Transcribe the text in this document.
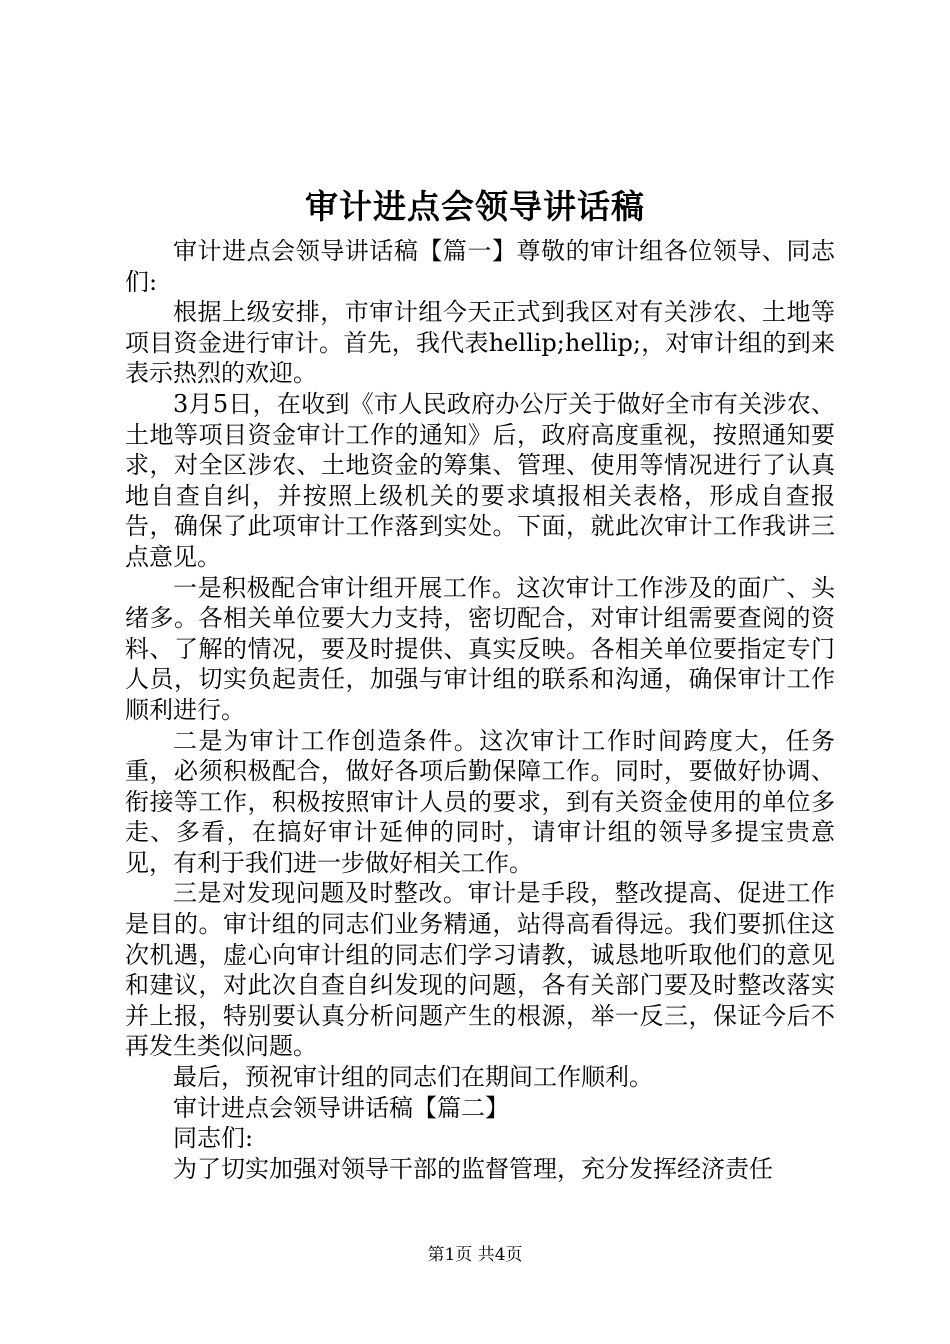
审计进点会领导讲话稿

审计进点会领导讲话稿【篇一】尊敬的审计组各位领导、同志们:

根据上级安排，市审计组今天正式到我区对有关涉农、土地等项目资金进行审计。首先，我代表hellip;hellip;，对审计组的到来表示热烈的欢迎。

3月5日，在收到《市人民政府办公厅关于做好全市有关涉农、土地等项目资金审计工作的通知》后，政府高度重视，按照通知要求，对全区涉农、土地资金的筹集、管理、使用等情况进行了认真地自查自纠，并按照上级机关的要求填报相关表格，形成自查报告，确保了此项审计工作落到实处。下面，就此次审计工作我讲三点意见。

一是积极配合审计组开展工作。这次审计工作涉及的面广、头绪多。各相关单位要大力支持，密切配合，对审计组需要查阅的资料、了解的情况，要及时提供、真实反映。各相关单位要指定专门人员，切实负起责任，加强与审计组的联系和沟通，确保审计工作顺利进行。

二是为审计工作创造条件。这次审计工作时间跨度大，任务重，必须积极配合，做好各项后勤保障工作。同时，要做好协调、衔接等工作，积极按照审计人员的要求，到有关资金使用的单位多走、多看，在搞好审计延伸的同时，请审计组的领导多提宝贵意见，有利于我们进一步做好相关工作。

三是对发现问题及时整改。审计是手段，整改提高、促进工作是目的。审计组的同志们业务精通，站得高看得远。我们要抓住这次机遇，虚心向审计组的同志们学习请教，诚恳地听取他们的意见和建议，对此次自查自纠发现的问题，各有关部门要及时整改落实并上报，特别要认真分析问题产生的根源，举一反三，保证今后不再发生类似问题。

最后，预祝审计组的同志们在期间工作顺利。

审计进点会领导讲话稿【篇二】

同志们:

为了切实加强对领导干部的监督管理，充分发挥经济责任

第1页 共4页
